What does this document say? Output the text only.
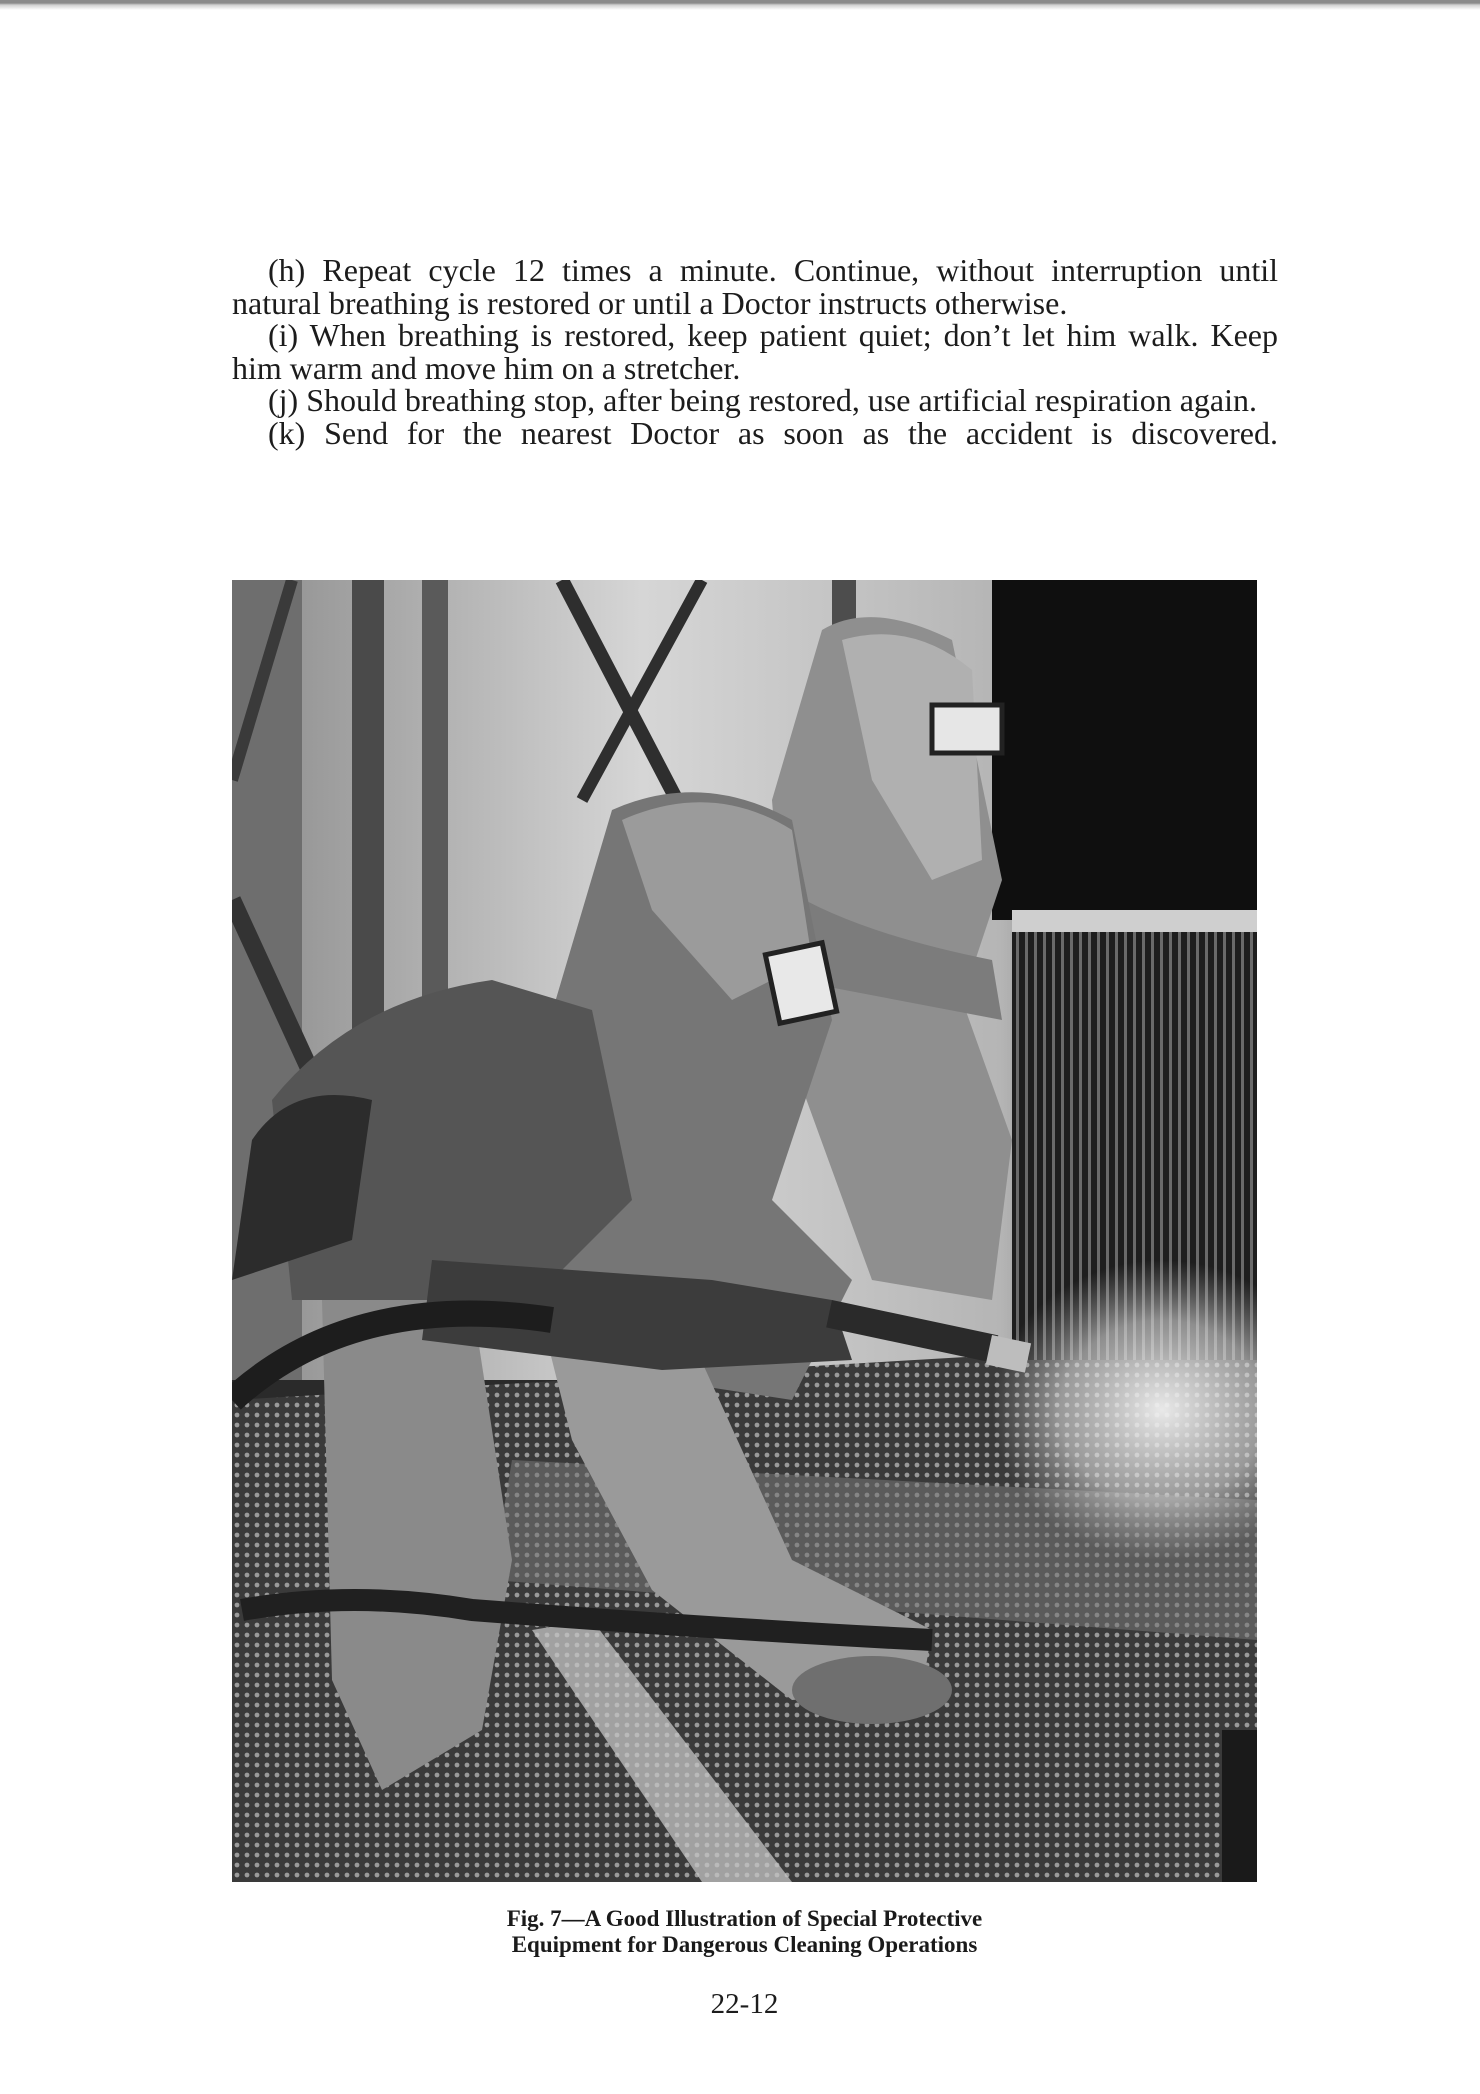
(h) Repeat cycle 12 times a minute. Continue, without interruption until natural breathing is restored or until a Doctor instructs otherwise.

(i) When breathing is restored, keep patient quiet; don’t let him walk. Keep him warm and move him on a stretcher.

(j) Should breathing stop, after being restored, use artificial respiration again.

(k) Send for the nearest Doctor as soon as the accident is discovered.

Fig. 7—A Good Illustration of Special Protective
Equipment for Dangerous Cleaning Operations
22-12
